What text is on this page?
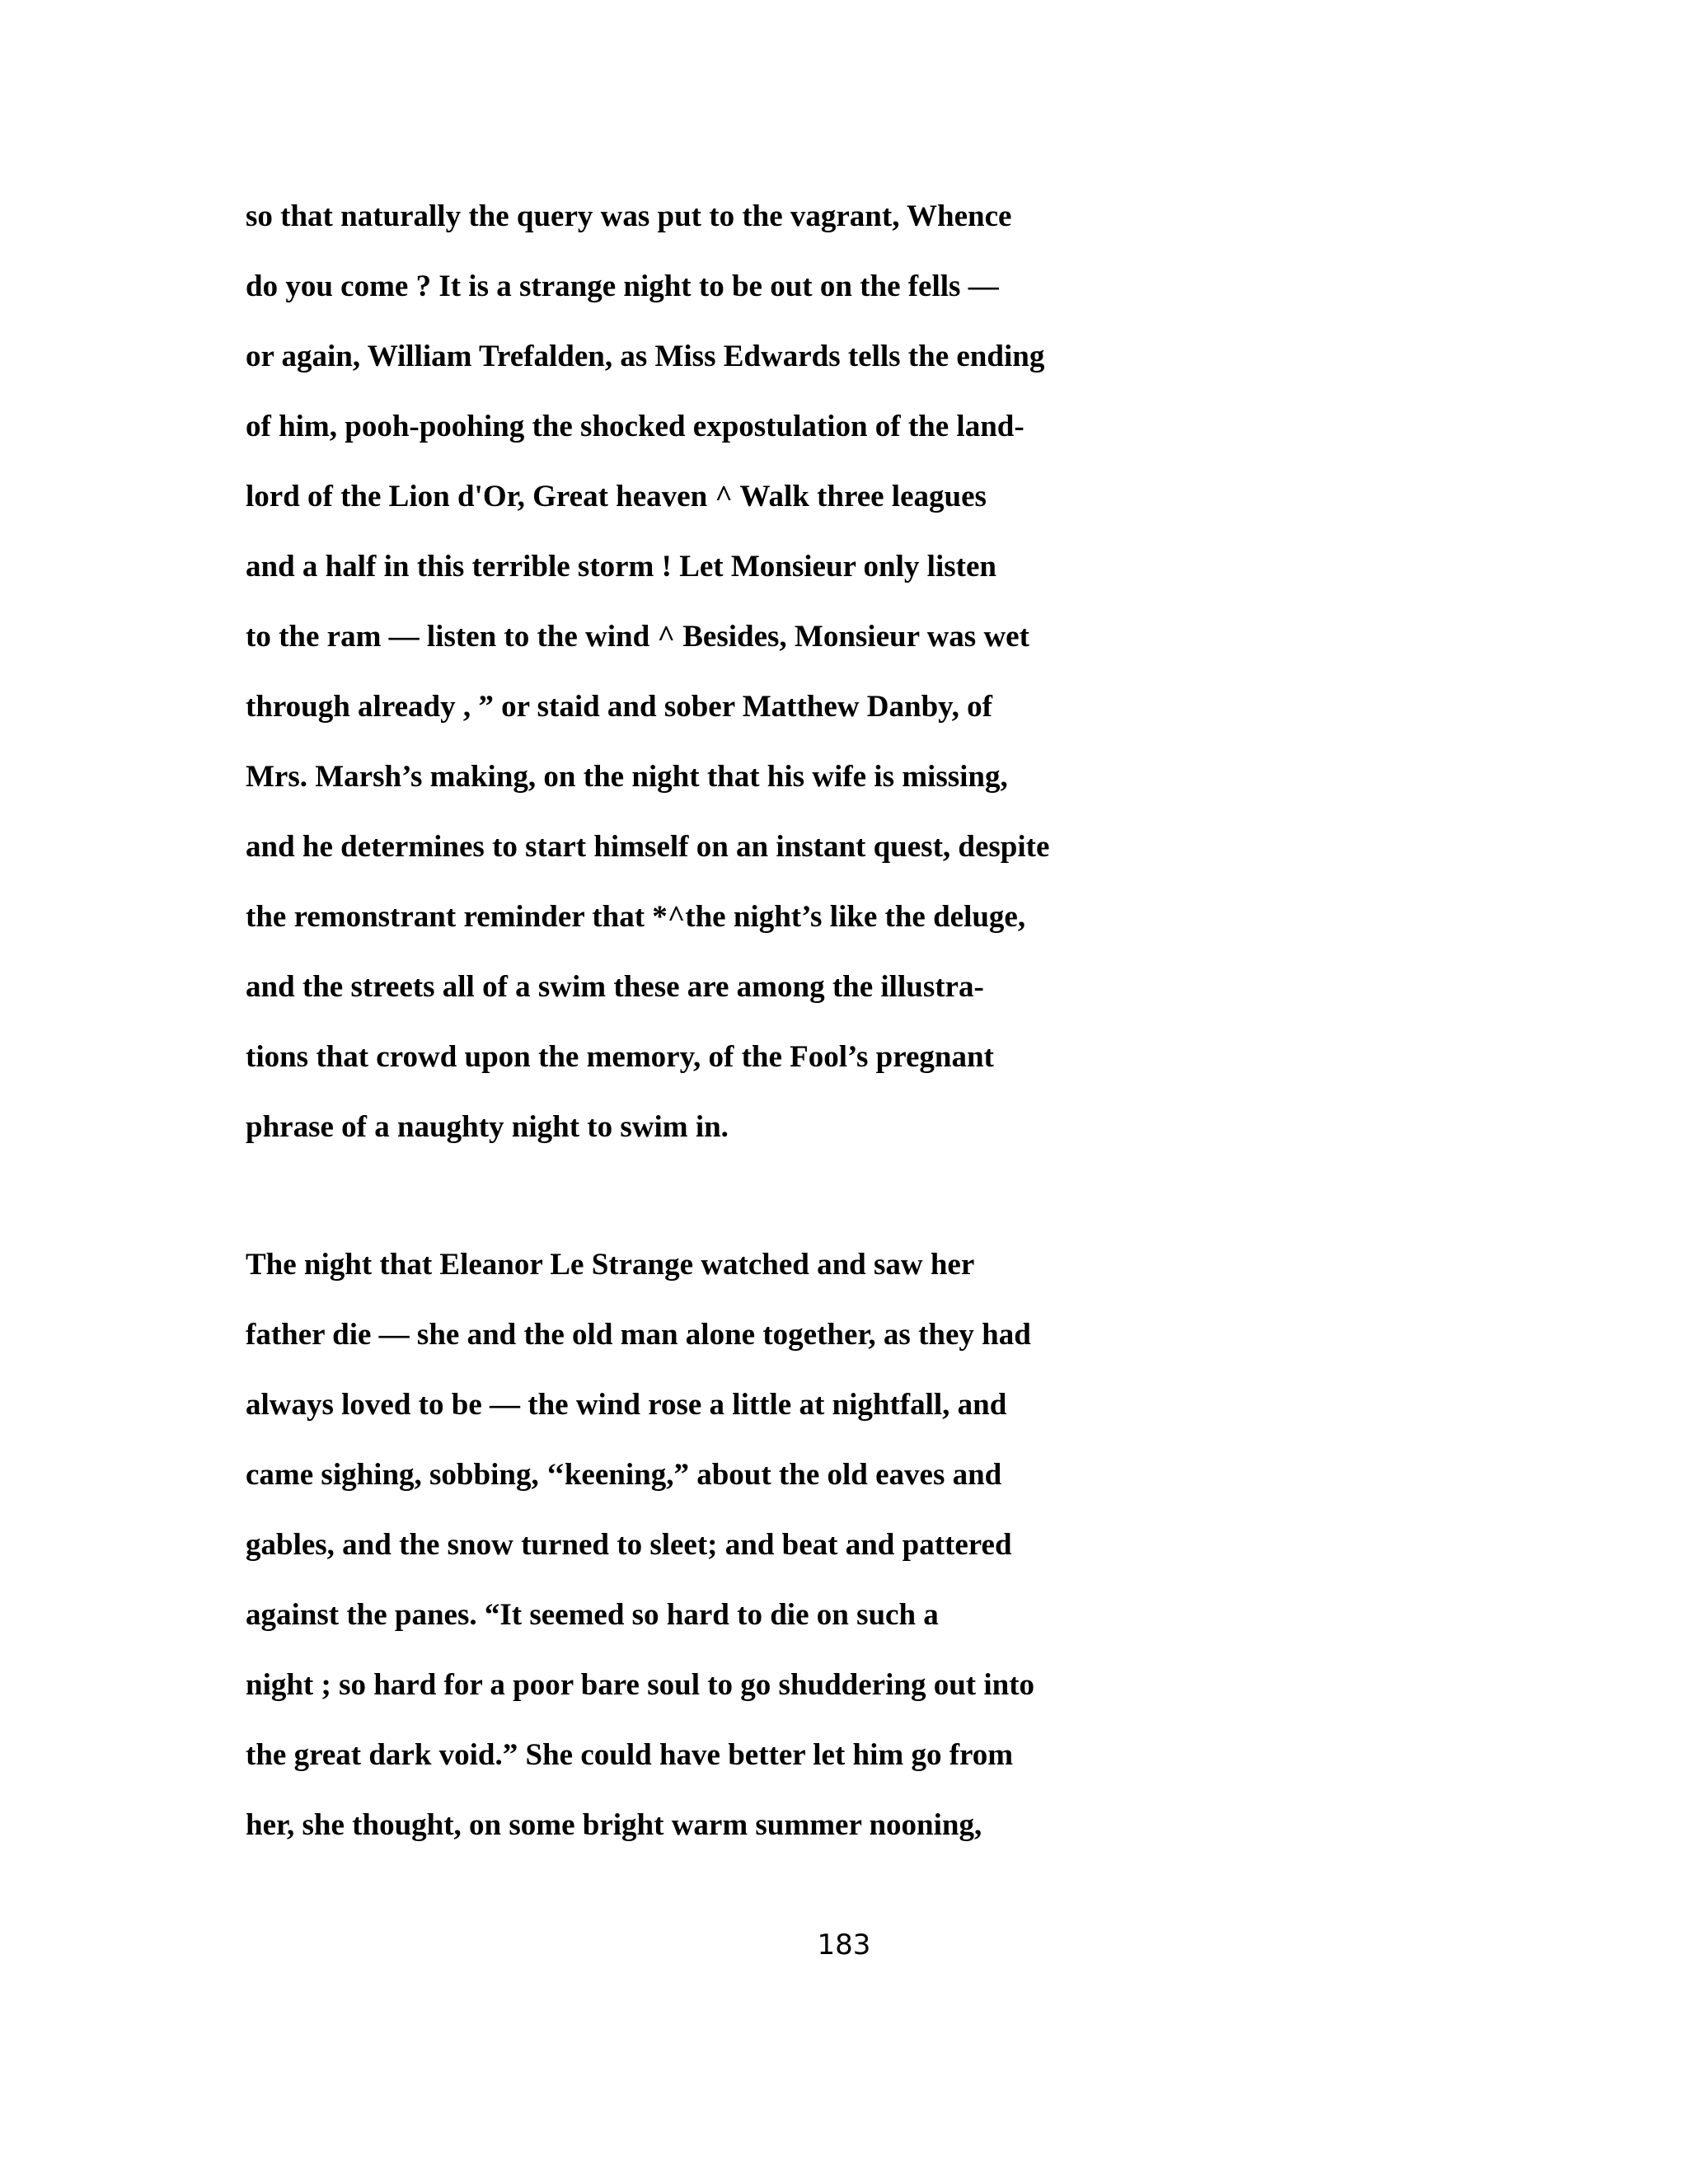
so that naturally the query was put to the vagrant, Whence
do you come ? It is a strange night to be out on the fells —
or again, William Trefalden, as Miss Edwards tells the ending
of him, pooh-poohing the shocked expostulation of the land-
lord of the Lion d'Or, Great heaven ^ Walk three leagues
and a half in this terrible storm ! Let Monsieur only listen
to the ram — listen to the wind ^ Besides, Monsieur was wet
through already , ” or staid and sober Matthew Danby, of
Mrs. Marsh’s making, on the night that his wife is missing,
and he determines to start himself on an instant quest, despite
the remonstrant reminder that *^the night’s like the deluge,
and the streets all of a swim these are among the illustra-
tions that crowd upon the memory, of the Fool’s pregnant
phrase of a naughty night to swim in.
The night that Eleanor Le Strange watched and saw her
father die — she and the old man alone together, as they had
always loved to be — the wind rose a little at nightfall, and
came sighing, sobbing, ‘‘keening,” about the old eaves and
gables, and the snow turned to sleet; and beat and pattered
against the panes. “It seemed so hard to die on such a
night ; so hard for a poor bare soul to go shuddering out into
the great dark void.” She could have better let him go from
her, she thought, on some bright warm summer nooning,
183
